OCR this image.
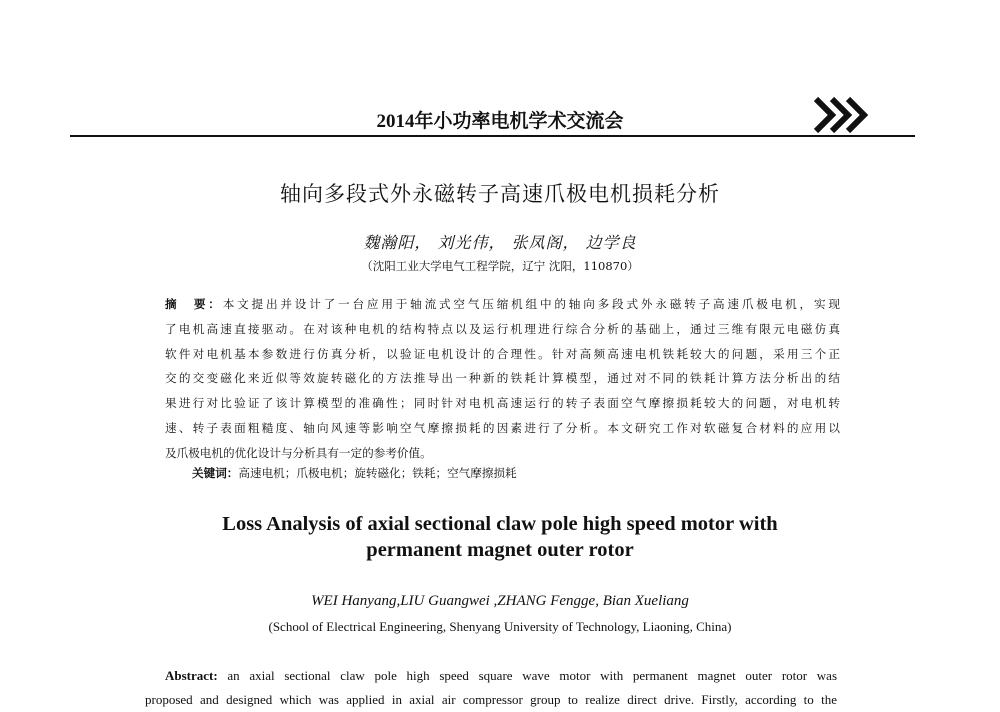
2014年小功率电机学术交流会
轴向多段式外永磁转子高速爪极电机损耗分析
魏瀚阳， 刘光伟， 张凤阁， 边学良
（沈阳工业大学电气工程学院，辽宁 沈阳，110870）
摘　要：本文提出并设计了一台应用于轴流式空气压缩机组中的轴向多段式外永磁转子高速爪极电机，实现
了电机高速直接驱动。在对该种电机的结构特点以及运行机理进行综合分析的基础上，通过三维有限元电磁仿真
软件对电机基本参数进行仿真分析，以验证电机设计的合理性。针对高频高速电机铁耗较大的问题，采用三个正
交的交变磁化来近似等效旋转磁化的方法推导出一种新的铁耗计算模型，通过对不同的铁耗计算方法分析出的结
果进行对比验证了该计算模型的准确性；同时针对电机高速运行的转子表面空气摩擦损耗较大的问题，对电机转
速、转子表面粗糙度、轴向风速等影响空气摩擦损耗的因素进行了分析。本文研究工作对软磁复合材料的应用以
及爪极电机的优化设计与分析具有一定的参考价值。
关键词：高速电机；爪极电机；旋转磁化；铁耗；空气摩擦损耗
Loss Analysis of axial sectional claw pole high speed motor with
permanent magnet outer rotor
WEI Hanyang,LIU Guangwei ,ZHANG Fengge, Bian Xueliang
(School of Electrical Engineering, Shenyang University of Technology, Liaoning, China)
Abstract: an axial sectional claw pole high speed square wave motor with permanent magnet outer rotor was
proposed and designed which was applied in axial air compressor group to realize direct drive. Firstly, according to the
